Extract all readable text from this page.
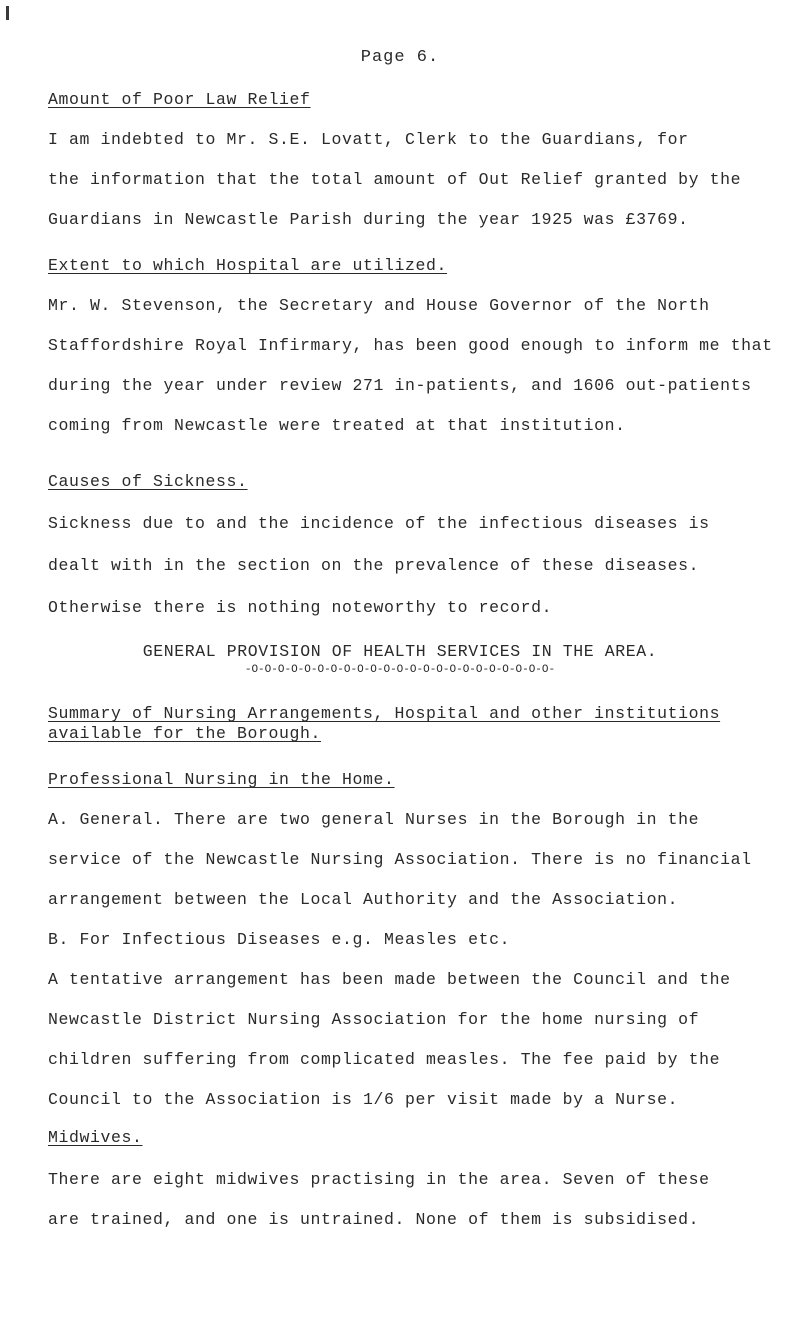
Page 6.
Amount of Poor Law Relief
I am indebted to Mr. S.E. Lovatt, Clerk to the Guardians, for
the information that the total amount of Out Relief granted by the
Guardians in Newcastle Parish during the year 1925 was £3769.
Extent to which Hospital are utilized.
Mr. W. Stevenson, the Secretary and House Governor of the North
Staffordshire Royal Infirmary, has been good enough to inform me that
during the year under review 271 in-patients, and 1606 out-patients
coming from Newcastle were treated at that institution.
Causes of Sickness.
Sickness due to and the incidence of the infectious diseases is
dealt with in the section on the prevalence of these diseases.
Otherwise there is nothing noteworthy to record.
GENERAL PROVISION OF HEALTH SERVICES IN THE AREA.
-O-O-O-O-O-O-O-O-O-O-O-O-O-O-O-O-O-O-O-O-O-O-O-
Summary of Nursing Arrangements, Hospital and other institutions
available for the Borough.
Professional Nursing in the Home.
A. General. There are two general Nurses in the Borough in the
service of the Newcastle Nursing Association. There is no financial
arrangement between the Local Authority and the Association.
B. For Infectious Diseases e.g. Measles etc.
A tentative arrangement has been made between the Council and the
Newcastle District Nursing Association for the home nursing of
children suffering from complicated measles. The fee paid by the
Council to the Association is 1/6 per visit made by a Nurse.
Midwives.
There are eight midwives practising in the area. Seven of these
are trained, and one is untrained. None of them is subsidised.
